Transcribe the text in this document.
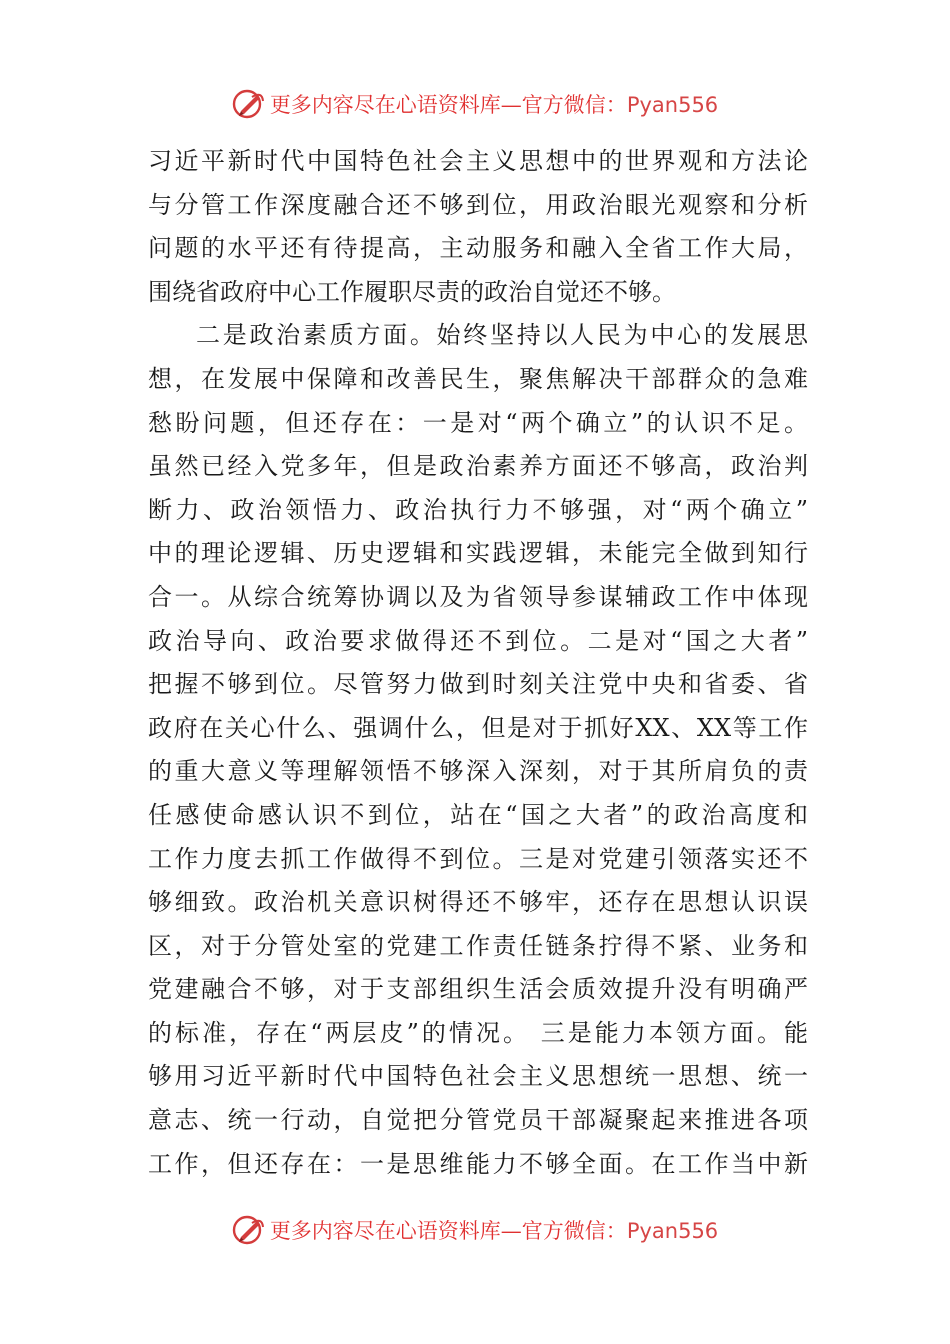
更多内容尽在心语资料库—官方微信：Pyan556
习近平新时代中国特色社会主义思想中的世界观和方法论
与分管工作深度融合还不够到位，用政治眼光观察和分析
问题的水平还有待提高，主动服务和融入全省工作大局，
围绕省政府中心工作履职尽责的政治自觉还不够。
二是政治素质方面。始终坚持以人民为中心的发展思
想，在发展中保障和改善民生，聚焦解决干部群众的急难
愁盼问题，但还存在：一是对“两个确立”的认识不足。
虽然已经入党多年，但是政治素养方面还不够高，政治判
断力、政治领悟力、政治执行力不够强，对“两个确立”
中的理论逻辑、历史逻辑和实践逻辑，未能完全做到知行
合一。从综合统筹协调以及为省领导参谋辅政工作中体现
政治导向、政治要求做得还不到位。二是对“国之大者”
把握不够到位。尽管努力做到时刻关注党中央和省委、省
政府在关心什么、强调什么，但是对于抓好XX、XX等工作
的重大意义等理解领悟不够深入深刻，对于其所肩负的责
任感使命感认识不到位，站在“国之大者”的政治高度和
工作力度去抓工作做得不到位。三是对党建引领落实还不
够细致。政治机关意识树得还不够牢，还存在思想认识误
区，对于分管处室的党建工作责任链条拧得不紧、业务和
党建融合不够，对于支部组织生活会质效提升没有明确严
的标准，存在“两层皮”的情况。 三是能力本领方面。能
够用习近平新时代中国特色社会主义思想统一思想、统一
意志、统一行动，自觉把分管党员干部凝聚起来推进各项
工作，但还存在：一是思维能力不够全面。在工作当中新
更多内容尽在心语资料库—官方微信：Pyan556
